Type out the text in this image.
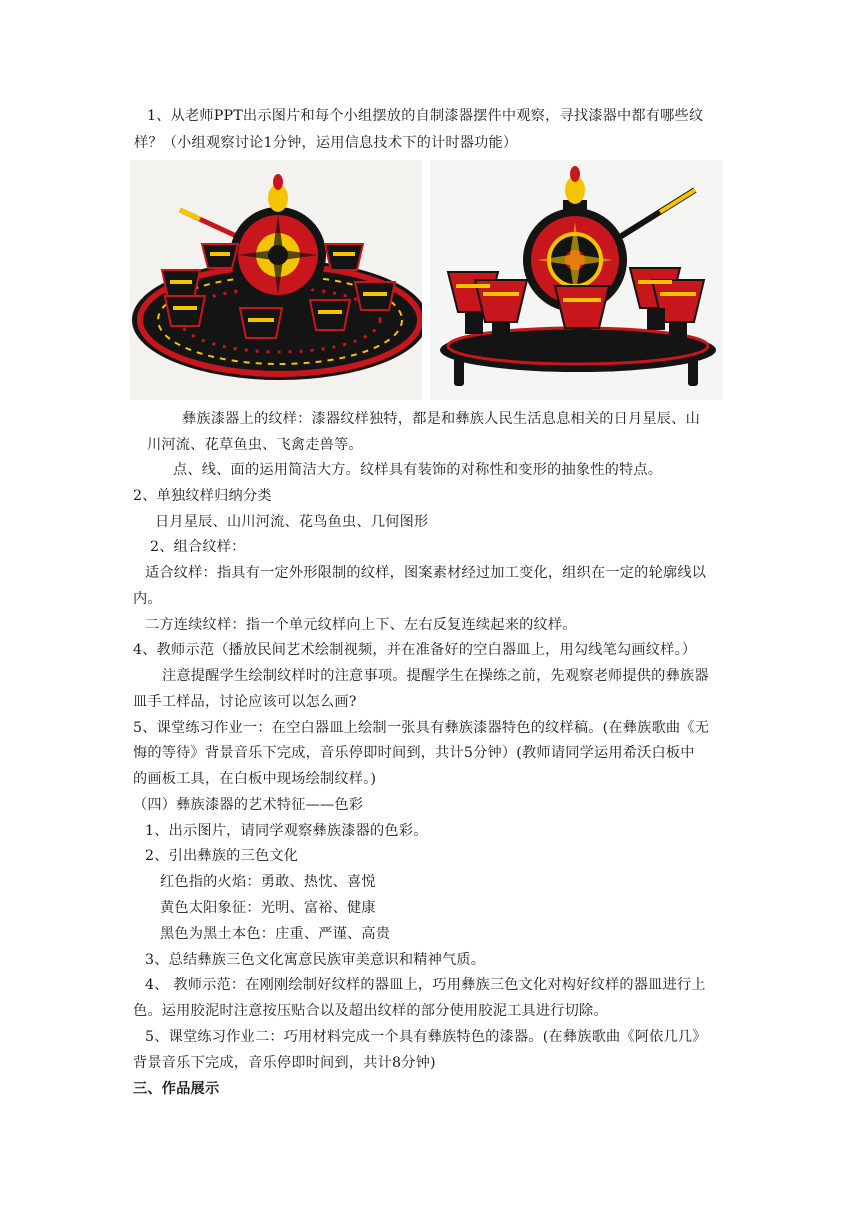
1、从老师PPT出示图片和每个小组摆放的自制漆器摆件中观察，寻找漆器中都有哪些纹
样？（小组观察讨论1分钟，运用信息技术下的计时器功能）
彝族漆器上的纹样：漆器纹样独特，都是和彝族人民生活息息相关的日月星辰、山
川河流、花草鱼虫、飞禽走兽等。
点、线、面的运用简洁大方。纹样具有装饰的对称性和变形的抽象性的特点。
2、单独纹样归纳分类
日月星辰、山川河流、花鸟鱼虫、几何图形
2、组合纹样：
适合纹样：指具有一定外形限制的纹样，图案素材经过加工变化，组织在一定的轮廓线以
内。
二方连续纹样：指一个单元纹样向上下、左右反复连续起来的纹样。
4、教师示范（播放民间艺术绘制视频，并在准备好的空白器皿上，用勾线笔勾画纹样。）
注意提醒学生绘制纹样时的注意事项。提醒学生在操练之前，先观察老师提供的彝族器
皿手工样品，讨论应该可以怎么画?
5、课堂练习作业一：在空白器皿上绘制一张具有彝族漆器特色的纹样稿。(在彝族歌曲《无
悔的等待》背景音乐下完成，音乐停即时间到，共计5分钟）(教师请同学运用希沃白板中
的画板工具，在白板中现场绘制纹样。)
（四）彝族漆器的艺术特征——色彩
1、出示图片，请同学观察彝族漆器的色彩。
2、引出彝族的三色文化
红色指的火焰：勇敢、热忱、喜悦
黄色太阳象征：光明、富裕、健康
黑色为黑土本色：庄重、严谨、高贵
3、总结彝族三色文化寓意民族审美意识和精神气质。
4、 教师示范：在刚刚绘制好纹样的器皿上，巧用彝族三色文化对构好纹样的器皿进行上
色。运用胶泥时注意按压贴合以及超出纹样的部分使用胶泥工具进行切除。
5、课堂练习作业二：巧用材料完成一个具有彝族特色的漆器。(在彝族歌曲《阿依几几》
背景音乐下完成，音乐停即时间到，共计8分钟)
三、作品展示
